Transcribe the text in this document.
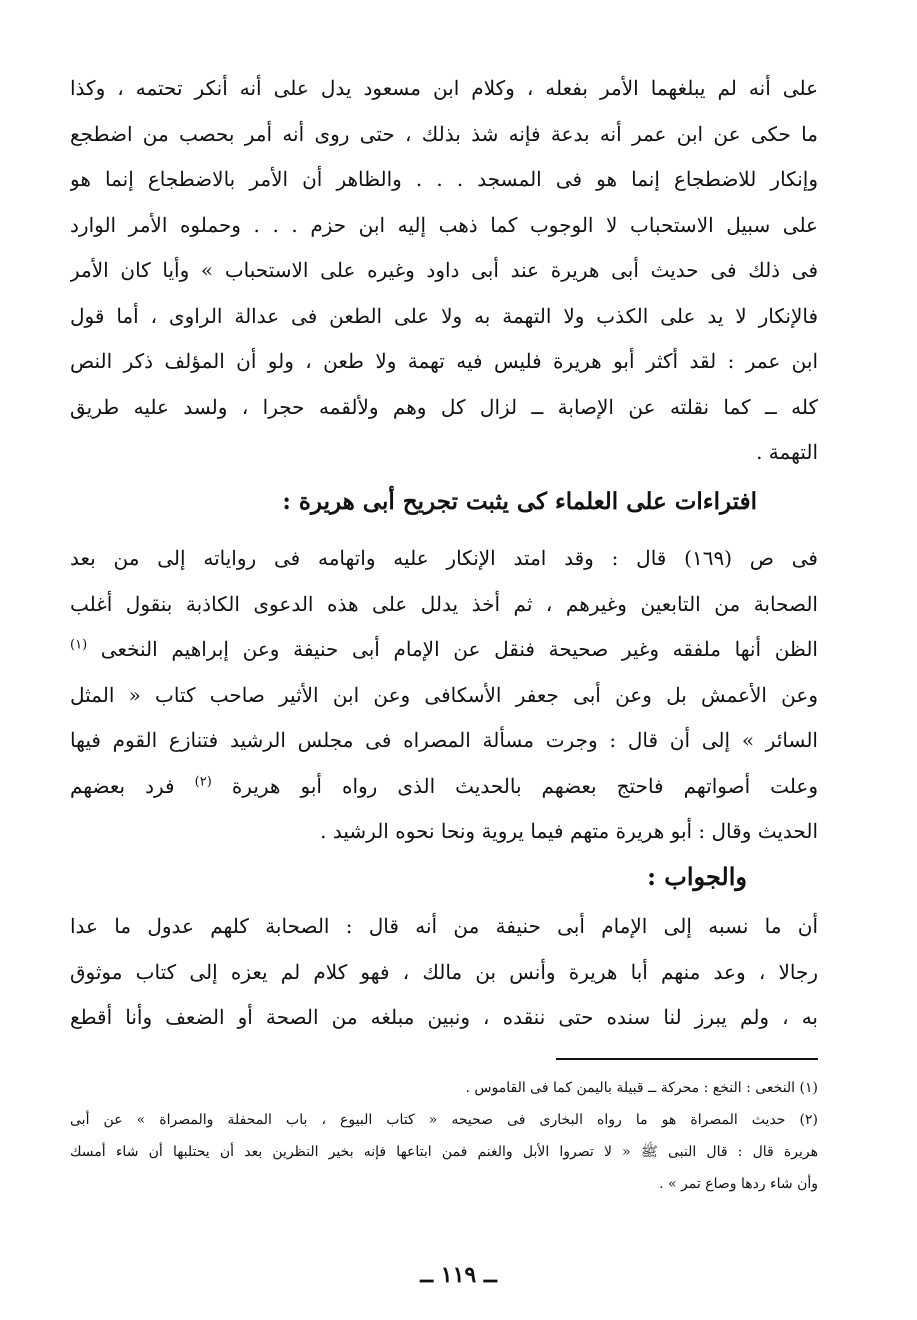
على أنه لم يبلغهما الأمر بفعله ، وكلام ابن مسعود يدل على أنه أنكر تحتمه ، وكذا
ما حكى عن ابن عمر أنه بدعة فإنه شذ بذلك ، حتى روى أنه أمر بحصب من اضطجع
وإنكار للاضطجاع إنما هو فى المسجد . . . والظاهر أن الأمر بالاضطجاع إنما هو
على سبيل الاستحباب لا الوجوب كما ذهب إليه ابن حزم . . . وحملوه الأمر الوارد
فى ذلك فى حديث أبى هريرة عند أبى داود وغيره على الاستحباب » وأيا كان الأمر
فالإنكار لا يد على الكذب ولا التهمة به ولا على الطعن فى عدالة الراوى ، أما قول
ابن عمر : لقد أكثر أبو هريرة فليس فيه تهمة ولا طعن ، ولو أن المؤلف ذكر النص
كله ــ كما نقلته عن الإصابة ــ لزال كل وهم ولألقمه حجرا ، ولسد عليه طريق
التهمة .
افتراءات على العلماء كى يثبت تجريح أبى هريرة :
فى ص (١٦٩) قال : وقد امتد الإنكار عليه واتهامه فى رواياته إلى من بعد
الصحابة من التابعين وغيرهم ، ثم أخذ يدلل على هذه الدعوى الكاذبة بنقول أغلب
الظن أنها ملفقه وغير صحيحة فنقل عن الإمام أبى حنيفة وعن إبراهيم النخعى $^{(١)}$
وعن الأعمش بل وعن أبى جعفر الأسكافى وعن ابن الأثير صاحب كتاب « المثل
السائر » إلى أن قال : وجرت مسألة المصراه فى مجلس الرشيد فتنازع القوم فيها
وعلت أصواتهم فاحتج بعضهم بالحديث الذى رواه أبو هريرة $^{(٢)}$ فرد بعضهم
الحديث وقال : أبو هريرة متهم فيما يروية ونحا نحوه الرشيد .
والجواب :
أن ما نسبه إلى الإمام أبى حنيفة من أنه قال : الصحابة كلهم عدول ما عدا
رجالا ، وعد منهم أبا هريرة وأنس بن مالك ، فهو كلام لم يعزه إلى كتاب موثوق
به ، ولم يبرز لنا سنده حتى ننقده ، ونبين مبلغه من الصحة أو الضعف وأنا أقطع
(١) النخعى : النخع : محركة ــ قبيلة باليمن كما فى القاموس .
(٢) حديث المصراة هو ما رواه البخارى فى صحيحه « كتاب البيوع ، باب المحفلة والمصراة » عن أبى
هريرة قال : قال النبى ﷺ « لا تصروا الأبل والغنم فمن ابتاعها فإنه بخير النظرين بعد أن يحتلبها أن شاء أمسك
وأن شاء ردها وصاع تمر » .
ــ ١١٩ ــ
